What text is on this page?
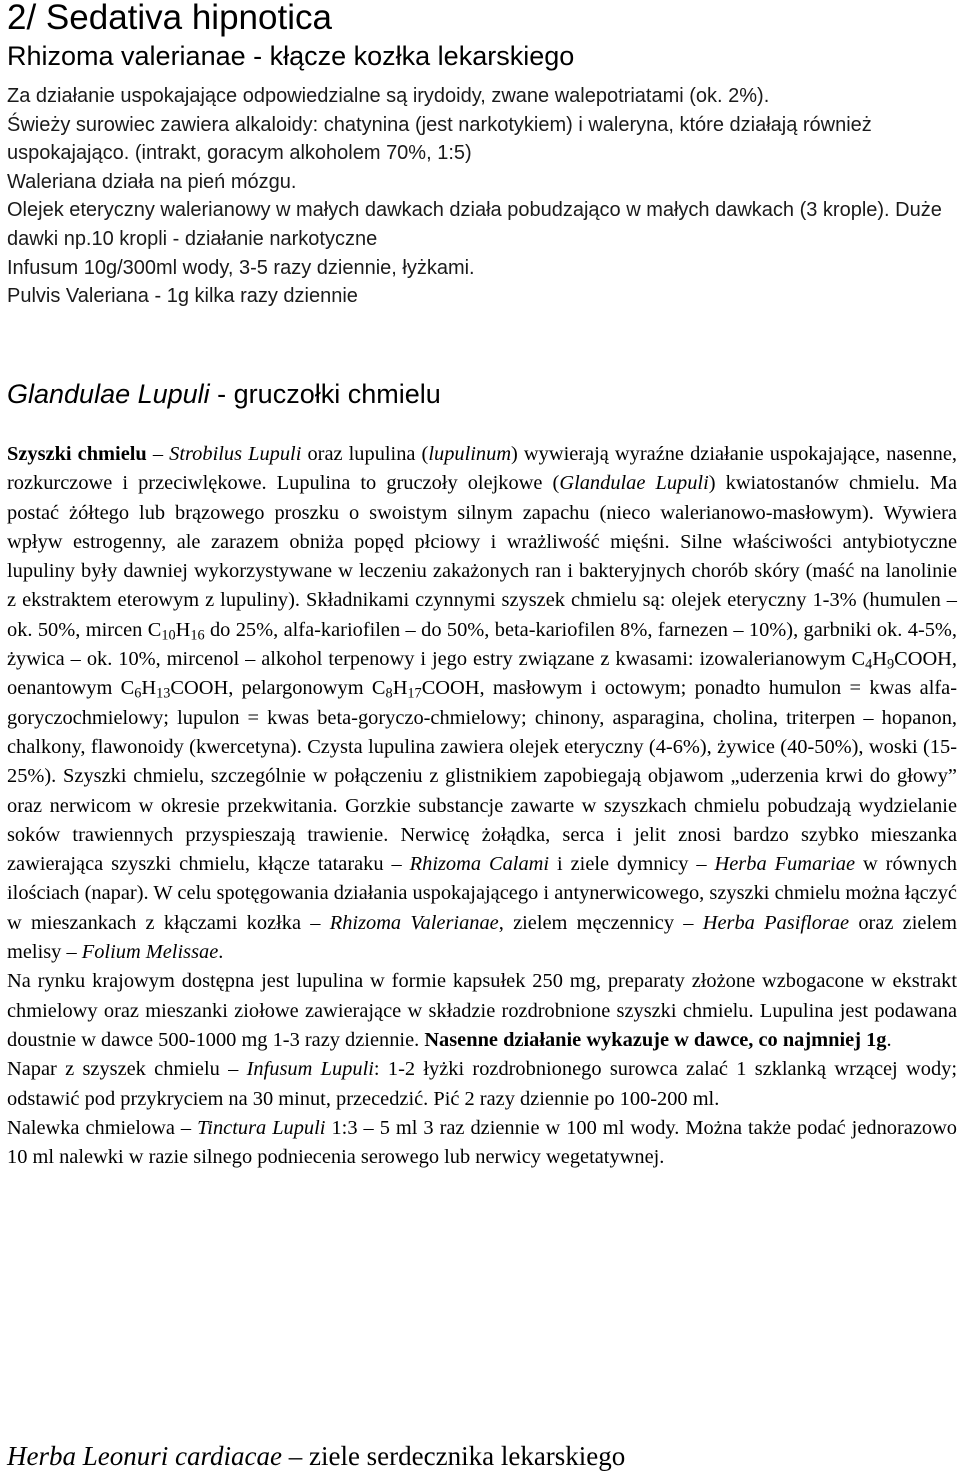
2/ Sedativa hipnotica
Rhizoma valerianae - kłącze kozłka lekarskiego

Za działanie uspokajające odpowiedzialne są irydoidy, zwane walepotriatami (ok. 2%).

Świeży surowiec zawiera alkaloidy: chatynina (jest narkotykiem) i waleryna, które działają również uspokajająco. (intrakt, goracym alkoholem 70%, 1:5)

Waleriana działa na pień mózgu.

Olejek eteryczny walerianowy w małych dawkach działa pobudzająco w małych dawkach (3 krople). Duże dawki np.10 kropli - działanie narkotyczne

Infusum 10g/300ml wody, 3-5 razy dziennie, łyżkami.

Pulvis Valeriana - 1g kilka razy dziennie

Glandulae Lupuli - gruczołki chmielu

Szyszki chmielu – Strobilus Lupuli oraz lupulina (lupulinum) wywierają wyraźne działanie uspokajające, nasenne, rozkurczowe i przeciwlękowe. Lupulina to gruczoły olejkowe (Glandulae Lupuli) kwiatostanów chmielu. Ma postać żółtego lub brązowego proszku o swoistym silnym zapachu (nieco walerianowo-masłowym). Wywiera wpływ estrogenny, ale zarazem obniża popęd płciowy i wrażliwość mięśni. Silne właściwości antybiotyczne lupuliny były dawniej wykorzystywane w leczeniu zakażonych ran i bakteryjnych chorób skóry (maść na lanolinie z ekstraktem eterowym z lupuliny). Składnikami czynnymi szyszek chmielu są: olejek eteryczny 1-3% (humulen – ok. 50%, mircen $C_{10}H_{16}$ do 25%, alfa-kariofilen – do 50%, beta-kariofilen 8%, farnezen – 10%), garbniki ok. 4-5%, żywica – ok. 10%, mircenol – alkohol terpenowy i jego estry związane z kwasami: izowalerianowym $C_4H_9COOH$, oenantowym $C_6H_{13}COOH$, pelargonowym $C_8H_{17}COOH$, masłowym i octowym; ponadto humulon = kwas alfa-goryczochmielowy; lupulon = kwas beta-goryczo-chmielowy; chinony, asparagina, cholina, triterpen – hopanon, chalkony, flawonoidy (kwercetyna). Czysta lupulina zawiera olejek eteryczny (4-6%), żywice (40-50%), woski (15-25%). Szyszki chmielu, szczególnie w połączeniu z glistnikiem zapobiegają objawom „uderzenia krwi do głowy” oraz nerwicom w okresie przekwitania. Gorzkie substancje zawarte w szyszkach chmielu pobudzają wydzielanie soków trawiennych przyspieszają trawienie. Nerwicę żołądka, serca i jelit znosi bardzo szybko mieszanka zawierająca szyszki chmielu, kłącze tataraku – Rhizoma Calami i ziele dymnicy – Herba Fumariae w równych ilościach (napar). W celu spotęgowania działania uspokajającego i antynerwicowego, szyszki chmielu można łączyć w mieszankach z kłączami kozłka – Rhizoma Valerianae, zielem męczennicy – Herba Pasiflorae oraz zielem melisy – Folium Melissae.

Na rynku krajowym dostępna jest lupulina w formie kapsułek 250 mg, preparaty złożone wzbogacone w ekstrakt chmielowy oraz mieszanki ziołowe zawierające w składzie rozdrobnione szyszki chmielu. Lupulina jest podawana doustnie w dawce 500-1000 mg 1-3 razy dziennie. Nasenne działanie wykazuje w dawce, co najmniej 1g.

Napar z szyszek chmielu – Infusum Lupuli: 1-2 łyżki rozdrobnionego surowca zalać 1 szklanką wrzącej wody; odstawić pod przykryciem na 30 minut, przecedzić. Pić 2 razy dziennie po 100-200 ml.

Nalewka chmielowa – Tinctura Lupuli 1:3 – 5 ml 3 raz dziennie w 100 ml wody. Można także podać jednorazowo 10 ml nalewki w razie silnego podniecenia serowego lub nerwicy wegetatywnej.

Herba Leonuri cardiacae – ziele serdecznika lekarskiego
